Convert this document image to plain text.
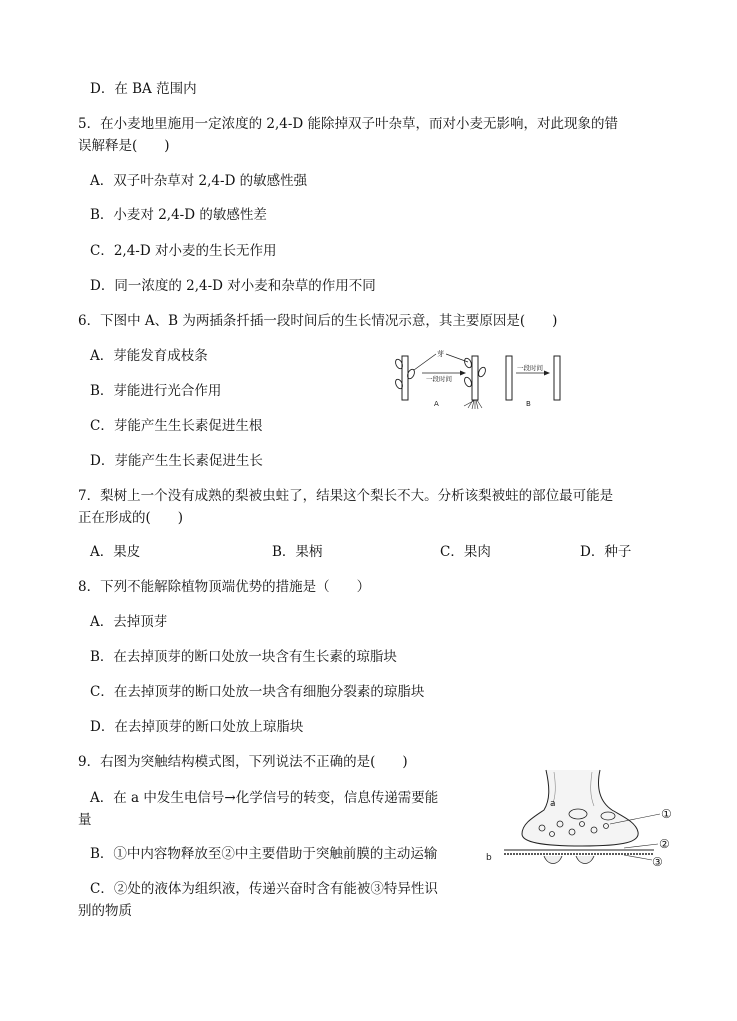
D．在 BA 范围内
5．在小麦地里施用一定浓度的 2,4-D 能除掉双子叶杂草，而对小麦无影响，对此现象的错
误解释是(　　)
A．双子叶杂草对 2,4-D 的敏感性强
B．小麦对 2,4-D 的敏感性差
C．2,4-D 对小麦的生长无作用
D．同一浓度的 2,4-D 对小麦和杂草的作用不同
6．下图中 A、B 为两插条扦插一段时间后的生长情况示意，其主要原因是(　　)
A．芽能发育成枝条
B．芽能进行光合作用
C．芽能产生生长素促进生根
D．芽能产生生长素促进生长
芽
一段时间
A
一段时间
B
7．梨树上一个没有成熟的梨被虫蛀了，结果这个梨长不大。分析该梨被蛀的部位最可能是
正在形成的(　　)
A．果皮	B．果柄	C．果肉	D．种子
8．下列不能解除植物顶端优势的措施是（　　）
A．去掉顶芽
B．在去掉顶芽的断口处放一块含有生长素的琼脂块
C．在去掉顶芽的断口处放一块含有细胞分裂素的琼脂块
D．在去掉顶芽的断口处放上琼脂块
9．右图为突触结构模式图，下列说法不正确的是(　　)
A．在 a 中发生电信号→化学信号的转变，信息传递需要能
量
B．①中内容物释放至②中主要借助于突触前膜的主动运输
C．②处的液体为组织液，传递兴奋时含有能被③特异性识
别的物质
a
b
①
②
③
